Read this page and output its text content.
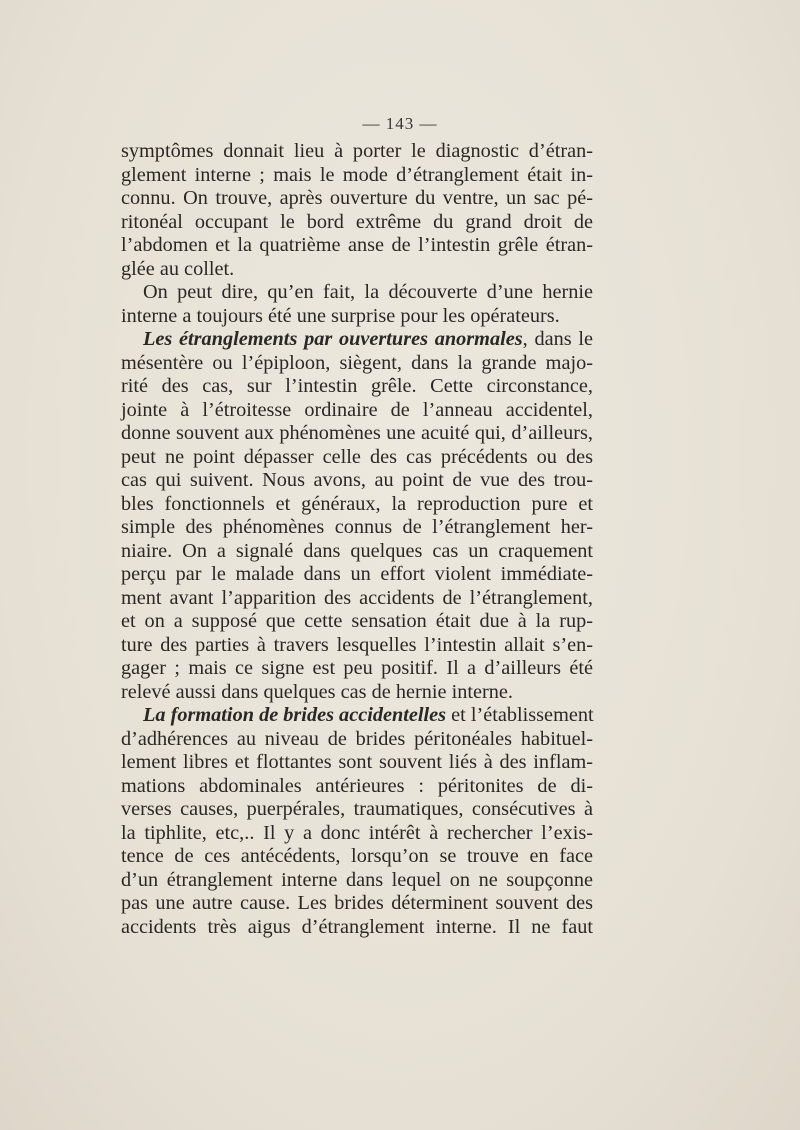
— 143 —
symptômes donnait lieu à porter le diagnostic d’étran-
glement interne ; mais le mode d’étranglement était in-
connu. On trouve, après ouverture du ventre, un sac pé-
ritonéal occupant le bord extrême du grand droit de
l’abdomen et la quatrième anse de l’intestin grêle étran-
glée au collet.
On peut dire, qu’en fait, la découverte d’une hernie
interne a toujours été une surprise pour les opérateurs.
Les étranglements par ouvertures anormales, dans le
mésentère ou l’épiploon, siègent, dans la grande majo-
rité des cas, sur l’intestin grêle. Cette circonstance,
jointe à l’étroitesse ordinaire de l’anneau accidentel,
donne souvent aux phénomènes une acuité qui, d’ailleurs,
peut ne point dépasser celle des cas précédents ou des
cas qui suivent. Nous avons, au point de vue des trou-
bles fonctionnels et généraux, la reproduction pure et
simple des phénomènes connus de l’étranglement her-
niaire. On a signalé dans quelques cas un craquement
perçu par le malade dans un effort violent immédiate-
ment avant l’apparition des accidents de l’étranglement,
et on a supposé que cette sensation était due à la rup-
ture des parties à travers lesquelles l’intestin allait s’en-
gager ; mais ce signe est peu positif. Il a d’ailleurs été
relevé aussi dans quelques cas de hernie interne.
La formation de brides accidentelles et l’établissement
d’adhérences au niveau de brides péritonéales habituel-
lement libres et flottantes sont souvent liés à des inflam-
mations abdominales antérieures : péritonites de di-
verses causes, puerpérales, traumatiques, consécutives à
la tiphlite, etc,.. Il y a donc intérêt à rechercher l’exis-
tence de ces antécédents, lorsqu’on se trouve en face
d’un étranglement interne dans lequel on ne soupçonne
pas une autre cause. Les brides déterminent souvent des
accidents très aigus d’étranglement interne. Il ne faut
